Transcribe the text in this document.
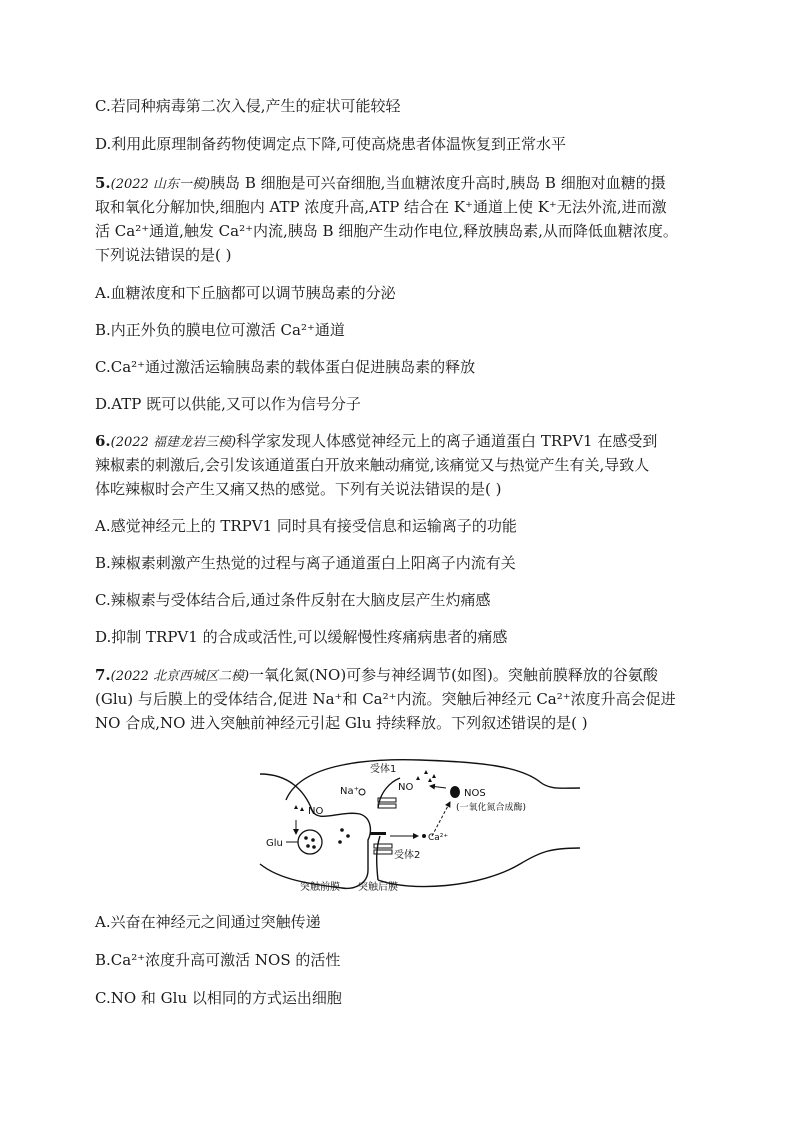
C.若同种病毒第二次入侵,产生的症状可能较轻
D.利用此原理制备药物使调定点下降,可使高烧患者体温恢复到正常水平
5.(2022 山东一模)胰岛 B 细胞是可兴奋细胞,当血糖浓度升高时,胰岛 B 细胞对血糖的摄
取和氧化分解加快,细胞内 ATP 浓度升高,ATP 结合在 K⁺通道上使 K⁺无法外流,进而激
活 Ca²⁺通道,触发 Ca²⁺内流,胰岛 B 细胞产生动作电位,释放胰岛素,从而降低血糖浓度。
下列说法错误的是( )
A.血糖浓度和下丘脑都可以调节胰岛素的分泌
B.内正外负的膜电位可激活 Ca²⁺通道
C.Ca²⁺通过激活运输胰岛素的载体蛋白促进胰岛素的释放
D.ATP 既可以供能,又可以作为信号分子
6.(2022 福建龙岩三模)科学家发现人体感觉神经元上的离子通道蛋白 TRPV1 在感受到
辣椒素的刺激后,会引发该通道蛋白开放来触动痛觉,该痛觉又与热觉产生有关,导致人
体吃辣椒时会产生又痛又热的感觉。下列有关说法错误的是( )
A.感觉神经元上的 TRPV1 同时具有接受信息和运输离子的功能
B.辣椒素刺激产生热觉的过程与离子通道蛋白上阳离子内流有关
C.辣椒素与受体结合后,通过条件反射在大脑皮层产生灼痛感
D.抑制 TRPV1 的合成或活性,可以缓解慢性疼痛病患者的痛感
7.(2022 北京西城区二模)一氧化氮(NO)可参与神经调节(如图)。突触前膜释放的谷氨酸
(Glu) 与后膜上的受体结合,促进 Na⁺和 Ca²⁺内流。突触后神经元 Ca²⁺浓度升高会促进
NO 合成,NO 进入突触前神经元引起 Glu 持续释放。下列叙述错误的是( )
NO
受体1
Na⁺	NO
NOS
(一氧化氮合成酶)
Glu	Ca²⁺
受体2
突触前膜 突触后膜
A.兴奋在神经元之间通过突触传递
B.Ca²⁺浓度升高可激活 NOS 的活性
C.NO 和 Glu 以相同的方式运出细胞
